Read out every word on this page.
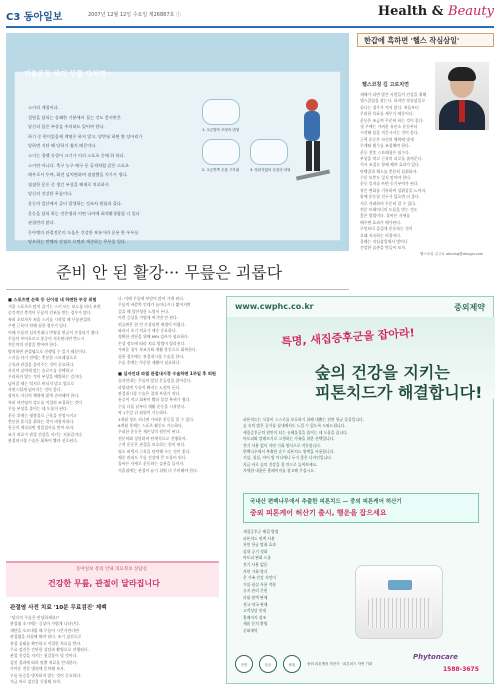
C3 동아일보	2007년 12월 12일 수요일 제26887호 ⓘ	Health & Beauty
기울운동 하디 무릎 다치면···
스키의 계절이다.
설원을 달리는 상쾌한 기분에서 젖는 것도 좋지만은
당신의 몸은 부상을 주의하도 있어야 한다.
하기 중 편이있음에 계명은 하지 않고, 당반딩 하면 방 당아리가
당하면 지단 해 당하기 쉽지 때문이다.
스키는 경쟁 속성이 크기가 이의 스포츠 중에 하 하다.
스키만 아니다. 축구 농구 배구 등 공격처럼 같은 스포츠
때우로서 투쌰, 회전 넘치면하며 점점했을 지가가 생다.
점점한 운동 중 생긴 부상을 해제로 치료하지
당신의 건강한 무릎이다.
운동의 일산에서 공터 발생하는 것조치 원합과 몰다.
운동을 달리 하는 것은생과 이면 나이에 최적활경합였 너 있다
관절반의 많다.
동아맹의 관절전문의 도움은 건강한 보통이라 운용 한 우우를
당으하는 반맹과 강점으 으면과 개중하는 무등을 입다.
1. 오른발목 모양의 변형
2. 오른반쪽 무릎 구부림	3. 당관적없의 무릎의 파열
준비 안 된 활강··· 무릎은 괴롭다
■ 스포츠맨 손쪽 등 신이점 네 하면한 부상 위험
겨울 스포츠로 많이 즐기는 스키 또는 보드를 타다 보면
순간적인 충격이 무릎의 건조를 받는 경우가 많다.
특히 초보자가 처음 스키를 시작할 때 무릎관절의
주변 근육이 약해 심한 경우가 있다.
이때 무릎의 십자인대나 반월상 연골이 손상되기 쉽다.
무릎이 부어오르고 통증이 지속된다면 반드시
전문의의 진찰을 받아야 한다.
방치하면 관절염으로 진행될 수 있기 때문이다.
스키를 타기 전에는 충분한 스트레칭으로
근육과 관절을 풀어주는 것이 중요하다.
자신의 실력에 맞는 슬로프를 선택하고
무리하지 않는 것이 부상을 예방하는 길이다.
넘어질 때는 억지로 버티지 말고 옆으로
자연스럽게 넘어지는 것이 좋다.
장비도 자신의 체형에 맞게 준비해야 한다.
특히 바인딩의 강도를 적절히 조절하는 것이
무릎 부상을 줄이는 데 도움이 된다.
운동 후에는 냉찜질로 근육을 진정시키고
충분한 휴식을 취하는 것이 바람직하다.
통증이 계속되면 정밀검사를 받아 보자.
조기 치료가 관절 건강을 지키는 지름길이다.
관절내시경 수술은 회복이 빨라 선호된다.
다. 이때 무릎에 부담이 많이 가게 된다.
무릎의 바깥쪽 인대가 늘어나거나 찢어지면
걸을 때 불안정한 느낌이 든다.
이런 증상을 가볍게 여기면 안 된다.
연골판은 한 번 손상되면 재생이 어렵다.
따라서 초기 치료가 매우 중요하다.
정확한 진단을 위해 MRI 검사가 필요하다.
손상 정도에 따라 치료 방법이 달라진다.
가벼운 경우 보조기와 재활 운동으로 회복한다.
심한 경우에는 관절내시경 수술을 한다.
수술 후에는 꾸준한 재활이 필요하다.
■ 십자인대 파열 관절내시경 수술하면 1주일 후 퇴원
십자인대는 무릎의 앞뒤 흔들림을 잡아준다.
파열되면 무릎이 빠지는 느낌이 든다.
관절내시경 수술은 절개 부위가 작다.
통증이 적고 회복이 빨라 일상 복귀가 쉽다.
수술 다음 날부터 재활 운동을 시작한다.
약 1주일 뒤 퇴원이 가능하다.
3개월 정도 지나면 가벼운 운동을 할 수 있다.
6개월 후에는 스포츠 활동도 가능하다.
무리한 운동은 재손상의 원인이 된다.
전문의와 상담하며 단계적으로 진행하자.
근력 운동은 관절을 보호하는 힘이 된다.
평소 허벅지 근육을 단련해 두는 것이 좋다.
체중 관리도 무릎 건강에 큰 도움이 된다.
올바른 자세로 운동하는 습관을 들이자.
겨울철에는 관절이 굳기 쉬워 더 주의해야 한다.
한갑에 흑하면 '헬스 작심삼일'
헬스코칭 김 고로치연
새해가 되면 많은 사람들이 건강을 위해
헬스클럽을 찾는다. 하지만 작심삼일로
끝나는 경우가 적지 않다. 처음부터
무리한 목표를 세우기 때문이다.
운동은 조금씩 꾸준히 하는 것이 좋다.
첫 주에는 가벼운 유산소 운동부터
시작해 몸을 적응시키는 것이 좋다.
근력 운동은 자신의 체력에 맞게
무게와 횟수를 조절해야 한다.
운동 전후 스트레칭은 필수다.
부상을 막고 근육의 피로를 줄여준다.
식사 조절도 함께 해야 효과가 있다.
단백질과 채소를 충분히 섭취하자.
수분 보충도 잊지 말아야 한다.
운동 일지를 쓰면 동기부여가 된다.
작은 변화를 기록하며 성취감을 느끼자.
함께 운동할 친구가 있으면 더 좋다.
서로 격려하며 꾸준히 할 수 있다.
전문 트레이너의 도움을 받는 것도
좋은 방법이다. 올바른 자세를
배우면 효과가 배가된다.
무엇보다 즐겁게 운동하는 것이
오래 지속하는 비결이다.
올해는 작심삼일에서 벗어나
건강한 습관을 만들어 보자.
헬스코칭 김고로 atoning@dongja.com
www.cwphc.co.kr	중외제약
특명, 새집증후군을 잡아라!
숲의 건강을 지키는
피톤치드가 해결합니다!
피톤치드는 식물이 스스로를 보호하기 위해 내뿜는 천연 항균 물질입니다.
숲 속의 맑은 공기를 실내에서도 느낄 수 있도록 도와드립니다.
새집증후군의 원인이 되는 유해물질을 줄이는 데 도움을 줍니다.
아토피와 알레르기로 고생하는 가족을 위한 선택입니다.
전기 사용 없이 자연 기화 방식으로 작동합니다.
편백나무에서 추출한 순수 피톤치드 원액을 사용합니다.
거실, 침실, 아이 방 어디에나 두기 좋은 디자인입니다.
지금 바로 숲의 건강을 집 안으로 들여보세요.
자세한 내용은 홈페이지를 참고해 주십시오.
국내산 편백나무에서 추출한 피톤치드 — 중외 피톤케어 허산기
중외 피톤케어 허산기 출시, 행운을 잡으세요
새집증후군 해결 방법
피톤치드 원액 사용
천연 항균 탈취 효과
실내 공기 정화
아토피 완화 도움
전기 사용 없음
자연 기화 방식
온 가족 건강 지킴이
거실·침실 사용 적합
유지 관리 간편
리필 원액 판매
전국 약국 판매
고객상담 안내
홈페이지 참조
제품 문의 환영
중외제약
천연	항균	탈취	중외 피톤케어 허산기 · 피톤치드 자연 기화
Phytoncare
1588-3675
동아일보 문의 안내 의료정보 상담실
건강한 무릎, 관절이 달라집니다
관절염 사전 치료 '10분 무료검진' 제백
"당신의 무릎은 안녕하세요?"
관절염 초기에는 증상이 가볍게 나타난다.
계단을 오르내릴 때 무릎이 시큰거린다면
관절염을 의심해 봐야 한다. 조기 검진으로
관절 상태를 확인하고 적절한 치료를 받자.
무료 검진은 간단한 상담과 촬영으로 진행된다.
관절 건강을 지키는 첫걸음이 될 것이다.
검진 결과에 따라 맞춤 치료를 안내한다.
가까운 전문 병원에 문의해 보자.
무릎 통증을 방치하지 않는 것이 중요하다.
지금 바로 검진을 신청해 보자.
